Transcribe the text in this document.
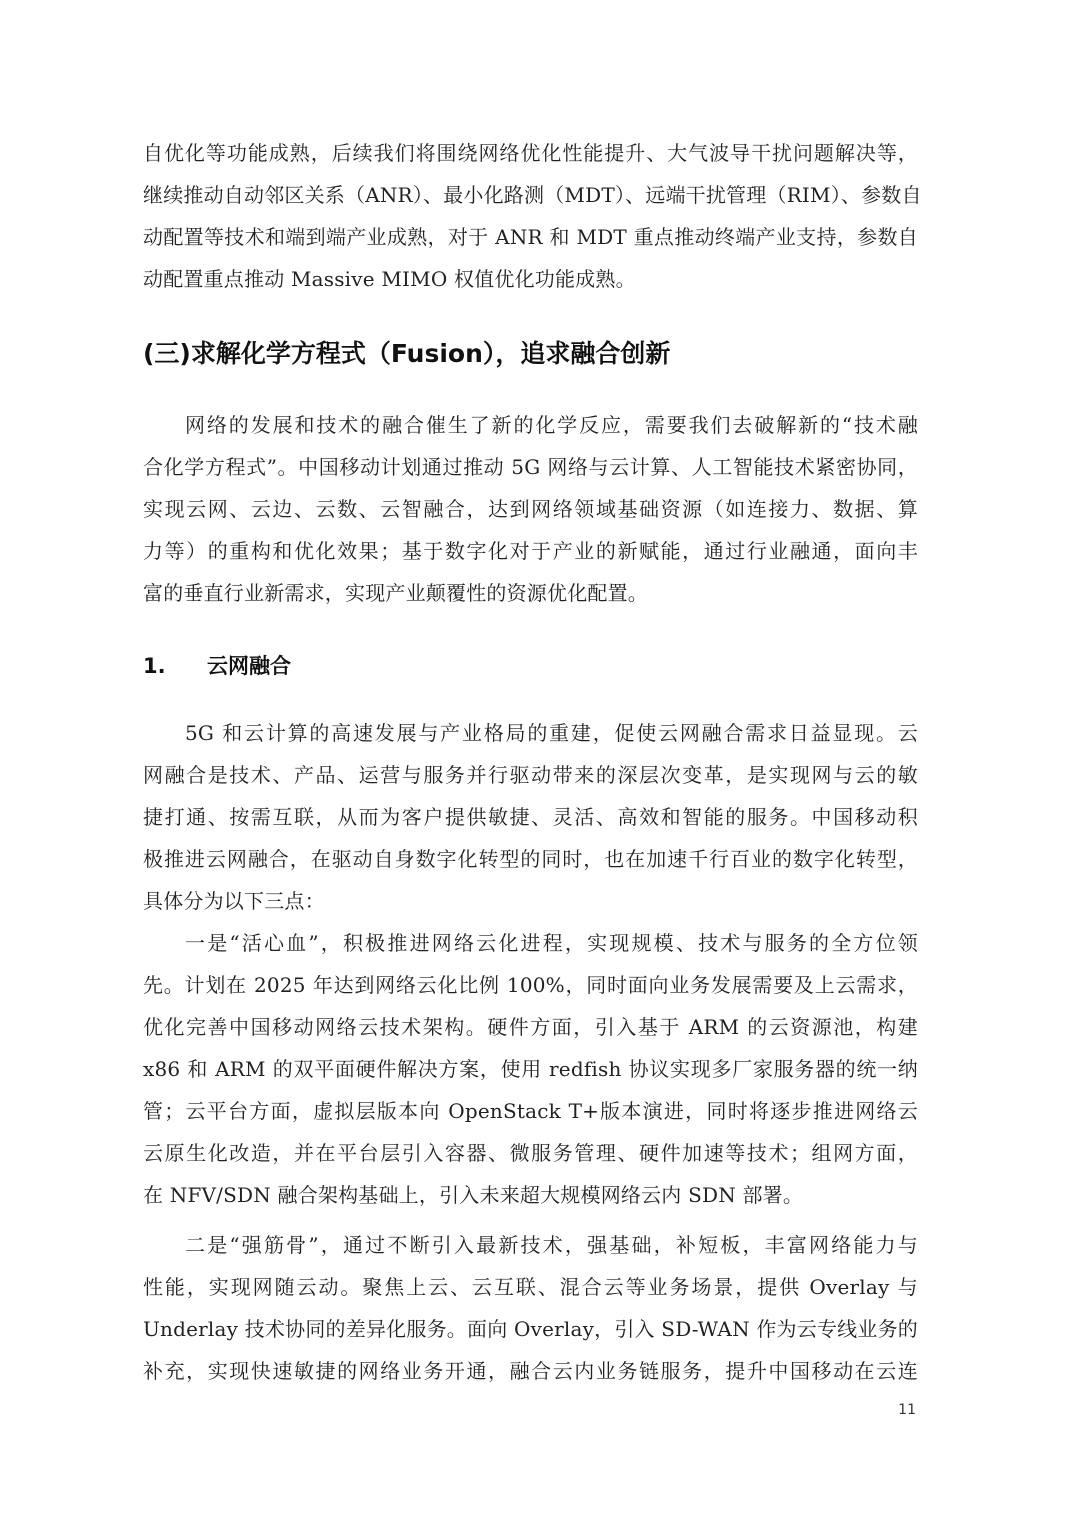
自优化等功能成熟，后续我们将围绕网络优化性能提升、大气波导干扰问题解决等，
继续推动自动邻区关系（ANR）、最小化路测（MDT）、远端干扰管理（RIM）、参数自
动配置等技术和端到端产业成熟，对于 ANR 和 MDT 重点推动终端产业支持，参数自
动配置重点推动 Massive MIMO 权值优化功能成熟。
(三)求解化学方程式（Fusion），追求融合创新
网络的发展和技术的融合催生了新的化学反应，需要我们去破解新的“技术融
合化学方程式”。中国移动计划通过推动 5G 网络与云计算、人工智能技术紧密协同，
实现云网、云边、云数、云智融合，达到网络领域基础资源（如连接力、数据、算
力等）的重构和优化效果；基于数字化对于产业的新赋能，通过行业融通，面向丰
富的垂直行业新需求，实现产业颠覆性的资源优化配置。
1. 云网融合
5G 和云计算的高速发展与产业格局的重建，促使云网融合需求日益显现。云
网融合是技术、产品、运营与服务并行驱动带来的深层次变革，是实现网与云的敏
捷打通、按需互联，从而为客户提供敏捷、灵活、高效和智能的服务。中国移动积
极推进云网融合，在驱动自身数字化转型的同时，也在加速千行百业的数字化转型，
具体分为以下三点：
一是“活心血”，积极推进网络云化进程，实现规模、技术与服务的全方位领
先。计划在 2025 年达到网络云化比例 100%，同时面向业务发展需要及上云需求，
优化完善中国移动网络云技术架构。硬件方面，引入基于 ARM 的云资源池，构建
x86 和 ARM 的双平面硬件解决方案，使用 redfish 协议实现多厂家服务器的统一纳
管；云平台方面，虚拟层版本向 OpenStack T+版本演进，同时将逐步推进网络云
云原生化改造，并在平台层引入容器、微服务管理、硬件加速等技术；组网方面，
在 NFV/SDN 融合架构基础上，引入未来超大规模网络云内 SDN 部署。
二是“强筋骨”，通过不断引入最新技术，强基础，补短板，丰富网络能力与
性能，实现网随云动。聚焦上云、云互联、混合云等业务场景，提供 Overlay 与
Underlay 技术协同的差异化服务。面向 Overlay，引入 SD-WAN 作为云专线业务的
补充，实现快速敏捷的网络业务开通，融合云内业务链服务，提升中国移动在云连
11
